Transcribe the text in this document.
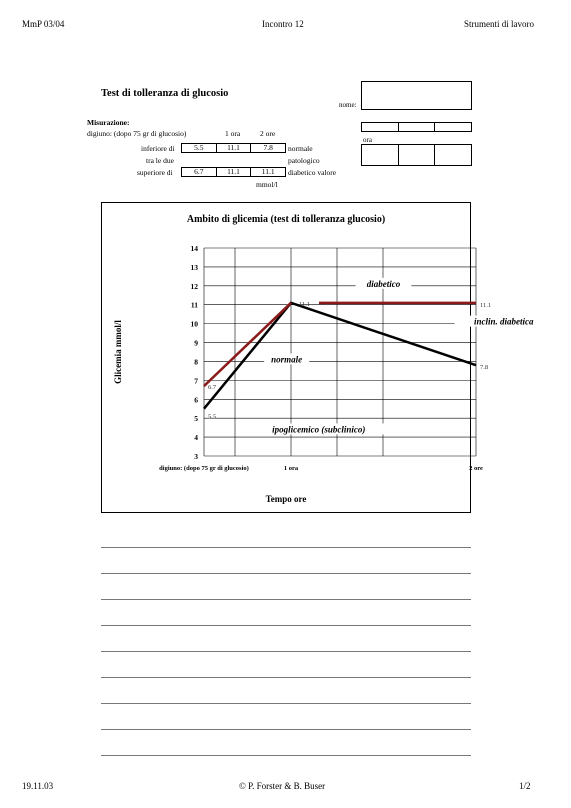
MmP 03/04	Incontro 12	Strumenti di lavoro
Test di tolleranza di glucosio
nome:
ora
Misurazione:
digiuno: (dopo 75 gr di glucosio)	1 ora	2 ore
inferiore di	5.5	11.1	7.8	normale
tra le due	patologico
superiore di	6.7	11.1	11.1	diabetico valore
mmol/l
Ambito di glicemia (test di tolleranza glucosio)
3
4
5
6
7
8
9
10
11
12
13
14
digiuno: (dopo 75 gr di glucosio)	1 ora	2 ore
Tempo ore
Glicemia mmol/l
diabetico
inclin. diabetica
normale
ipoglicemico (subclinico)
5.5
7.8
6.7
11.1	11.1
19.11.03	© P. Forster & B. Buser	1/2
